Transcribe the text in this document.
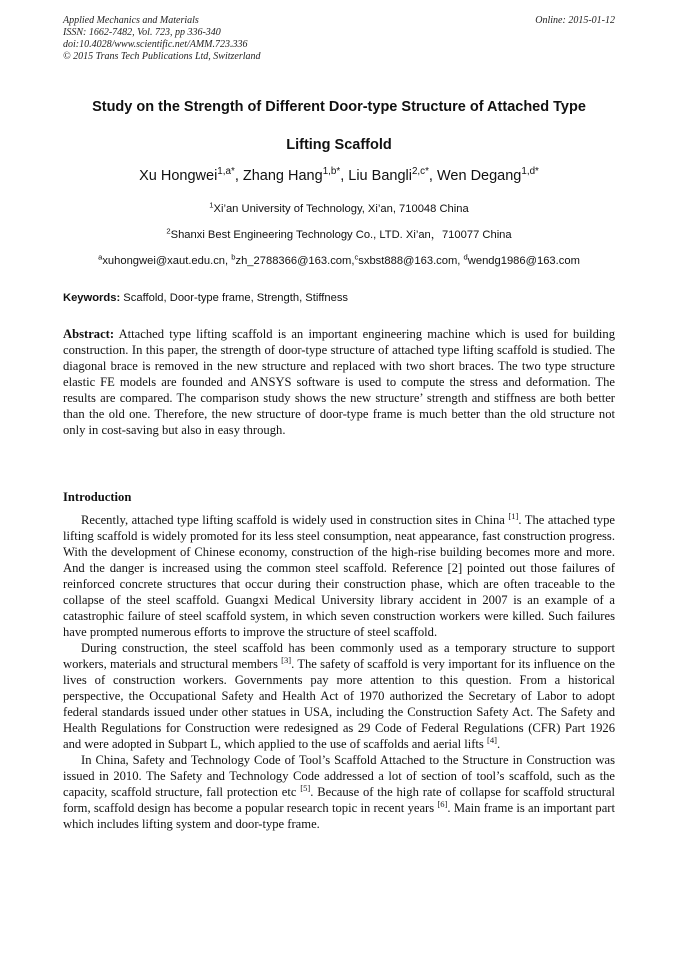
Applied Mechanics and Materials
ISSN: 1662-7482, Vol. 723, pp 336-340
doi:10.4028/www.scientific.net/AMM.723.336
© 2015 Trans Tech Publications Ltd, Switzerland
Online: 2015-01-12
Study on the Strength of Different Door-type Structure of Attached Type
Lifting Scaffold
Xu Hongwei$^{1,a*}$, Zhang Hang$^{1,b*}$, Liu Bangli$^{2,c*}$, Wen Degang$^{1,d*}$
$^1$Xi’an University of Technology, Xi’an, 710048 China
$^2$Shanxi Best Engineering Technology Co., LTD. Xi’an，710077 China
$^a$xuhongwei@xaut.edu.cn, $^b$zh_2788366@163.com,$^c$sxbst888@163.com, $^d$wendg1986@163.com
Keywords: Scaffold, Door-type frame, Strength, Stiffness

Abstract: Attached type lifting scaffold is an important engineering machine which is used for building construction. In this paper, the strength of door-type structure of attached type lifting scaffold is studied. The diagonal brace is removed in the new structure and replaced with two short braces. The two type structure elastic FE models are founded and ANSYS software is used to compute the stress and deformation. The results are compared. The comparison study shows the new structure’ strength and stiffness are both better than the old one. Therefore, the new structure of door-type frame is much better than the old structure not only in cost-saving but also in easy through.

Introduction

Recently, attached type lifting scaffold is widely used in construction sites in China [1]. The attached type lifting scaffold is widely promoted for its less steel consumption, neat appearance, fast construction progress. With the development of Chinese economy, construction of the high-rise building becomes more and more. And the danger is increased using the common steel scaffold. Reference [2] pointed out those failures of reinforced concrete structures that occur during their construction phase, which are often traceable to the collapse of the steel scaffold. Guangxi Medical University library accident in 2007 is an example of a catastrophic failure of steel scaffold system, in which seven construction workers were killed. Such failures have prompted numerous efforts to improve the structure of steel scaffold.

During construction, the steel scaffold has been commonly used as a temporary structure to support workers, materials and structural members [3]. The safety of scaffold is very important for its influence on the lives of construction workers. Governments pay more attention to this question. From a historical perspective, the Occupational Safety and Health Act of 1970 authorized the Secretary of Labor to adopt federal standards issued under other statues in USA, including the Construction Safety Act. The Safety and Health Regulations for Construction were redesigned as 29 Code of Federal Regulations (CFR) Part 1926 and were adopted in Subpart L, which applied to the use of scaffolds and aerial lifts [4].

In China, Safety and Technology Code of Tool’s Scaffold Attached to the Structure in Construction was issued in 2010. The Safety and Technology Code addressed a lot of section of tool’s scaffold, such as the capacity, scaffold structure, fall protection etc [5]. Because of the high rate of collapse for scaffold structural form, scaffold design has become a popular research topic in recent years [6]. Main frame is an important part which includes lifting system and door-type frame.
